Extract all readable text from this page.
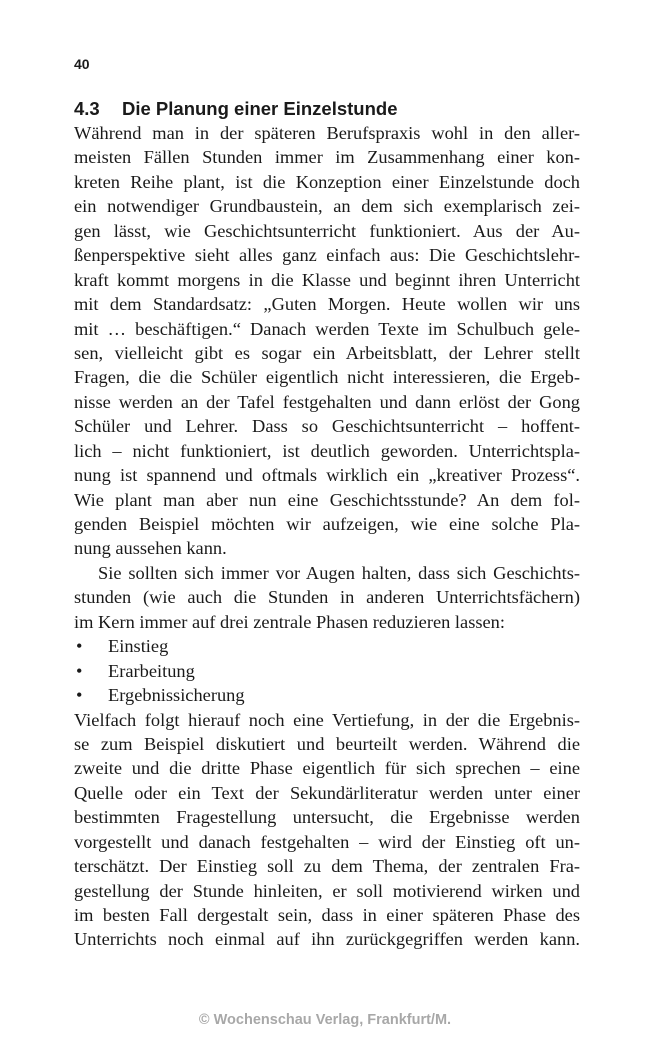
40
4.3 Die Planung einer Einzelstunde
Während man in der späteren Berufspraxis wohl in den aller-
meisten Fällen Stunden immer im Zusammenhang einer kon-
kreten Reihe plant, ist die Konzeption einer Einzelstunde doch
ein notwendiger Grundbaustein, an dem sich exemplarisch zei-
gen lässt, wie Geschichtsunterricht funktioniert. Aus der Au-
ßenperspektive sieht alles ganz einfach aus: Die Geschichtslehr-
kraft kommt morgens in die Klasse und beginnt ihren Unterricht
mit dem Standardsatz: „Guten Morgen. Heute wollen wir uns
mit … beschäftigen.“ Danach werden Texte im Schulbuch gele-
sen, vielleicht gibt es sogar ein Arbeitsblatt, der Lehrer stellt
Fragen, die die Schüler eigentlich nicht interessieren, die Ergeb-
nisse werden an der Tafel festgehalten und dann erlöst der Gong
Schüler und Lehrer. Dass so Geschichtsunterricht – hoffent-
lich – nicht funktioniert, ist deutlich geworden. Unterrichtspla-
nung ist spannend und oftmals wirklich ein „kreativer Prozess“.
Wie plant man aber nun eine Geschichtsstunde? An dem fol-
genden Beispiel möchten wir aufzeigen, wie eine solche Pla-
nung aussehen kann.
Sie sollten sich immer vor Augen halten, dass sich Geschichts-
stunden (wie auch die Stunden in anderen Unterrichtsfächern)
im Kern immer auf drei zentrale Phasen reduzieren lassen:
•	Einstieg
•	Erarbeitung
•	Ergebnissicherung
Vielfach folgt hierauf noch eine Vertiefung, in der die Ergebnis-
se zum Beispiel diskutiert und beurteilt werden. Während die
zweite und die dritte Phase eigentlich für sich sprechen – eine
Quelle oder ein Text der Sekundärliteratur werden unter einer
bestimmten Fragestellung untersucht, die Ergebnisse werden
vorgestellt und danach festgehalten – wird der Einstieg oft un-
terschätzt. Der Einstieg soll zu dem Thema, der zentralen Fra-
gestellung der Stunde hinleiten, er soll motivierend wirken und
im besten Fall dergestalt sein, dass in einer späteren Phase des
Unterrichts noch einmal auf ihn zurückgegriffen werden kann.
© Wochenschau Verlag, Frankfurt/M.
